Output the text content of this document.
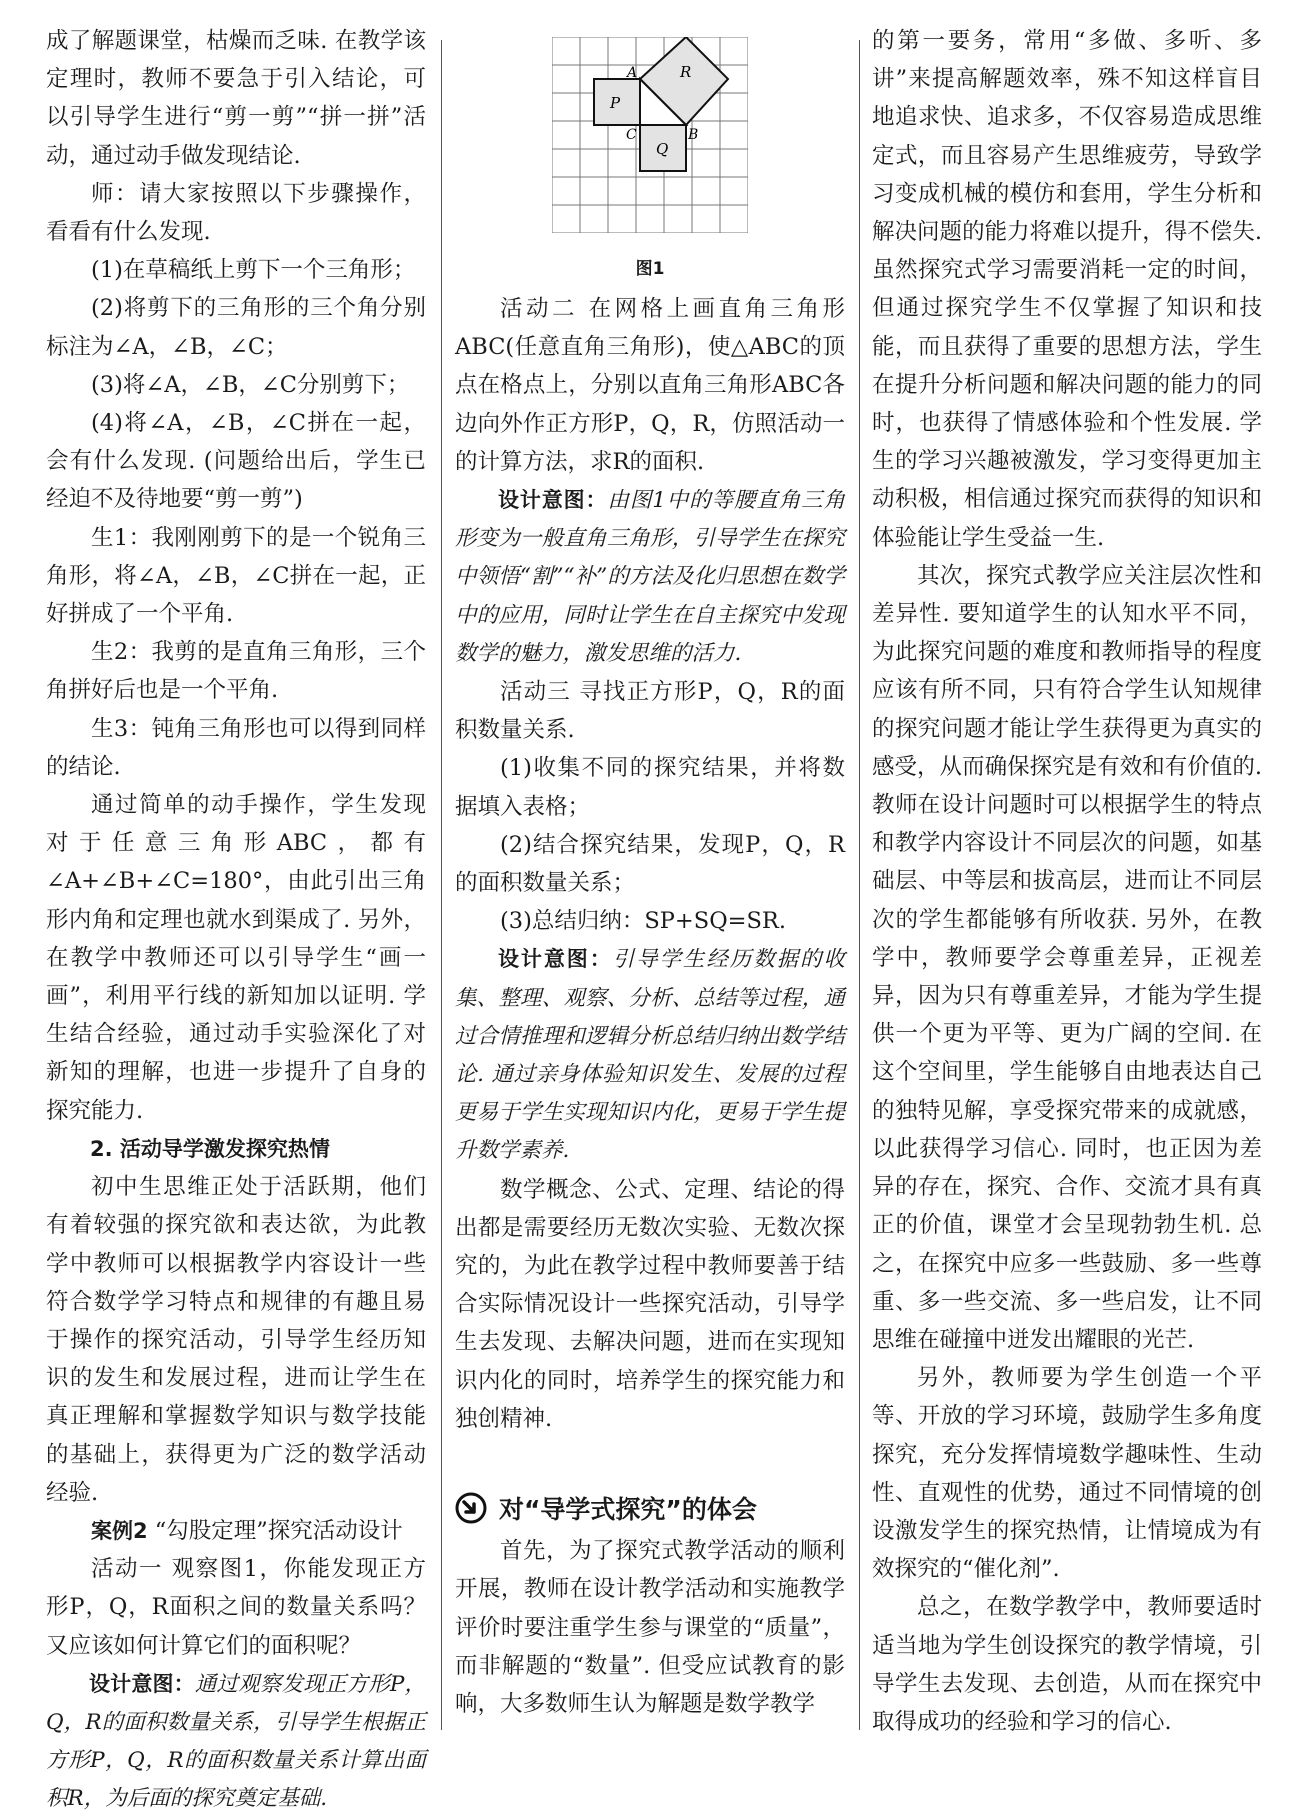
成了解题课堂，枯燥而乏味. 在教学该定理时，教师不要急于引入结论，可以引导学生进行“剪一剪”“拼一拼”活动，通过动手做发现结论.

师：请大家按照以下步骤操作，看看有什么发现.

(1)在草稿纸上剪下一个三角形；

(2)将剪下的三角形的三个角分别标注为∠A，∠B，∠C；

(3)将∠A，∠B，∠C分别剪下；

(4)将∠A，∠B，∠C拼在一起，会有什么发现. (问题给出后，学生已经迫不及待地要“剪一剪”)

生1：我刚刚剪下的是一个锐角三角形，将∠A，∠B，∠C拼在一起，正好拼成了一个平角.

生2：我剪的是直角三角形，三个角拼好后也是一个平角.

生3：钝角三角形也可以得到同样的结论.

通过简单的动手操作，学生发现对于任意三角形ABC，都有∠A+∠B+∠C=180°，由此引出三角形内角和定理也就水到渠成了. 另外，在教学中教师还可以引导学生“画一画”，利用平行线的新知加以证明. 学生结合经验，通过动手实验深化了对新知的理解，也进一步提升了自身的探究能力.

2. 活动导学激发探究热情

初中生思维正处于活跃期，他们有着较强的探究欲和表达欲，为此教学中教师可以根据教学内容设计一些符合数学学习特点和规律的有趣且易于操作的探究活动，引导学生经历知识的发生和发展过程，进而让学生在真正理解和掌握数学知识与数学技能的基础上，获得更为广泛的数学活动经验.

案例2 “勾股定理”探究活动设计

活动一 观察图1，你能发现正方形P，Q，R面积之间的数量关系吗？又应该如何计算它们的面积呢？

设计意图：通过观察发现正方形P，Q，R的面积数量关系，引导学生根据正方形P，Q，R的面积数量关系计算出面积R，为后面的探究奠定基础.

A
B
C
P
Q
R
图1

活动二 在网格上画直角三角形ABC(任意直角三角形)，使△ABC的顶点在格点上，分别以直角三角形ABC各边向外作正方形P，Q，R，仿照活动一的计算方法，求R的面积.

设计意图：由图1中的等腰直角三角形变为一般直角三角形，引导学生在探究中领悟“割”“补”的方法及化归思想在数学中的应用，同时让学生在自主探究中发现数学的魅力，激发思维的活力.

活动三 寻找正方形P，Q，R的面积数量关系.

(1)收集不同的探究结果，并将数据填入表格；

(2)结合探究结果，发现P，Q，R的面积数量关系；

(3)总结归纳：SP+SQ=SR.

设计意图：引导学生经历数据的收集、整理、观察、分析、总结等过程，通过合情推理和逻辑分析总结归纳出数学结论. 通过亲身体验知识发生、发展的过程更易于学生实现知识内化，更易于学生提升数学素养.

数学概念、公式、定理、结论的得出都是需要经历无数次实验、无数次探究的，为此在教学过程中教师要善于结合实际情况设计一些探究活动，引导学生去发现、去解决问题，进而在实现知识内化的同时，培养学生的探究能力和独创精神.

对“导学式探究”的体会

首先，为了探究式教学活动的顺利开展，教师在设计教学活动和实施教学评价时要注重学生参与课堂的“质量”，而非解题的“数量”. 但受应试教育的影响，大多数师生认为解题是数学教学

的第一要务，常用“多做、多听、多讲”来提高解题效率，殊不知这样盲目地追求快、追求多，不仅容易造成思维定式，而且容易产生思维疲劳，导致学习变成机械的模仿和套用，学生分析和解决问题的能力将难以提升，得不偿失. 虽然探究式学习需要消耗一定的时间，但通过探究学生不仅掌握了知识和技能，而且获得了重要的思想方法，学生在提升分析问题和解决问题的能力的同时，也获得了情感体验和个性发展. 学生的学习兴趣被激发，学习变得更加主动积极，相信通过探究而获得的知识和体验能让学生受益一生.

其次，探究式教学应关注层次性和差异性. 要知道学生的认知水平不同，为此探究问题的难度和教师指导的程度应该有所不同，只有符合学生认知规律的探究问题才能让学生获得更为真实的感受，从而确保探究是有效和有价值的. 教师在设计问题时可以根据学生的特点和教学内容设计不同层次的问题，如基础层、中等层和拔高层，进而让不同层次的学生都能够有所收获. 另外，在教学中，教师要学会尊重差异，正视差异，因为只有尊重差异，才能为学生提供一个更为平等、更为广阔的空间. 在这个空间里，学生能够自由地表达自己的独特见解，享受探究带来的成就感，以此获得学习信心. 同时，也正因为差异的存在，探究、合作、交流才具有真正的价值，课堂才会呈现勃勃生机. 总之，在探究中应多一些鼓励、多一些尊重、多一些交流、多一些启发，让不同思维在碰撞中迸发出耀眼的光芒.

另外，教师要为学生创造一个平等、开放的学习环境，鼓励学生多角度探究，充分发挥情境数学趣味性、生动性、直观性的优势，通过不同情境的创设激发学生的探究热情，让情境成为有效探究的“催化剂”.

总之，在数学教学中，教师要适时适当地为学生创设探究的教学情境，引导学生去发现、去创造，从而在探究中取得成功的经验和学习的信心.
